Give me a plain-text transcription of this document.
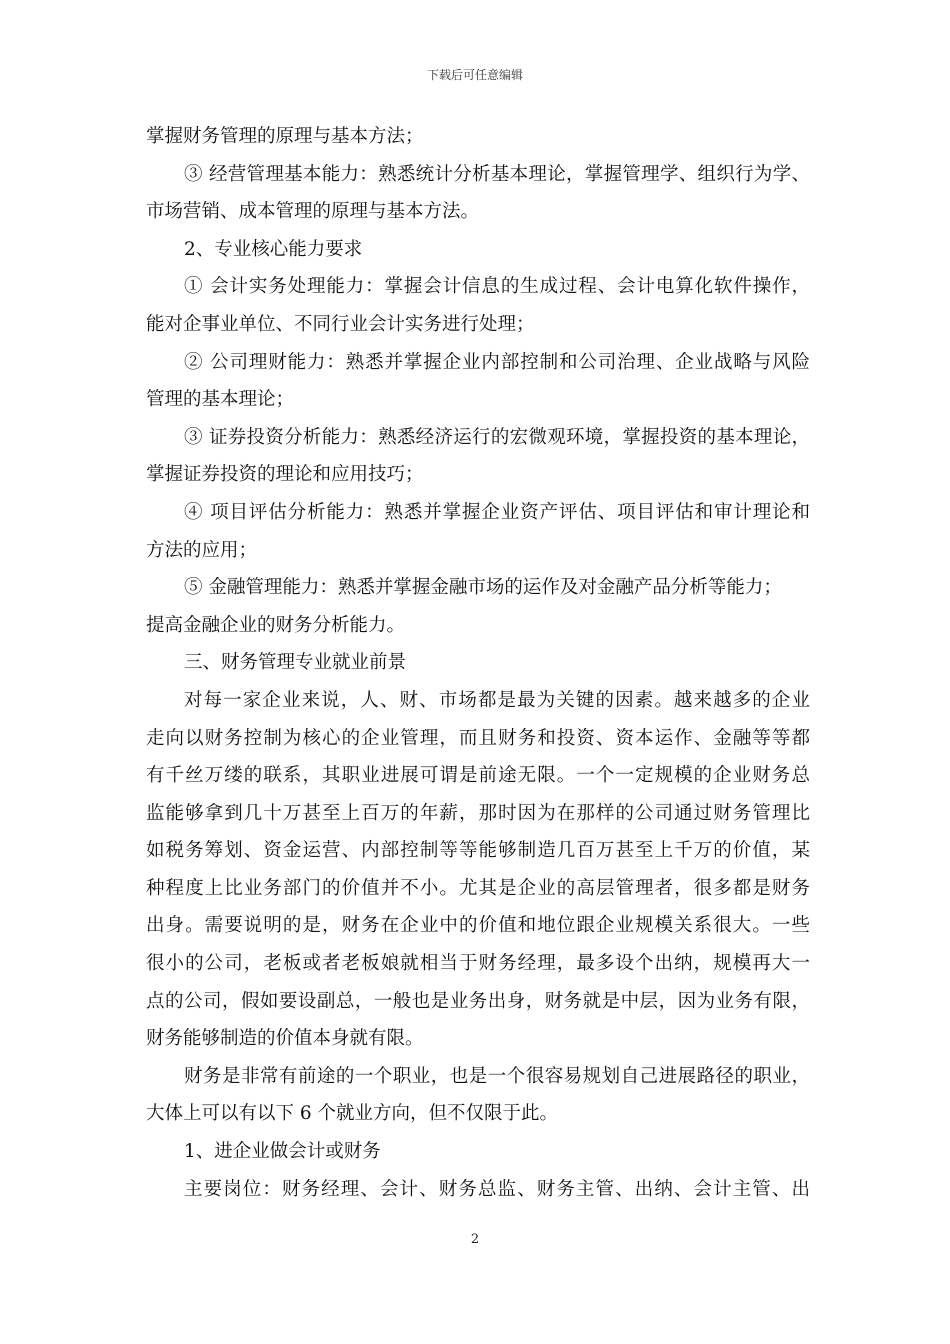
下载后可任意编辑
掌握财务管理的原理与基本方法；
③ 经营管理基本能力：熟悉统计分析基本理论，掌握管理学、组织行为学、
市场营销、成本管理的原理与基本方法。
2、专业核心能力要求
① 会计实务处理能力：掌握会计信息的生成过程、会计电算化软件操作，
能对企事业单位、不同行业会计实务进行处理；
② 公司理财能力：熟悉并掌握企业内部控制和公司治理、企业战略与风险
管理的基本理论；
③ 证券投资分析能力：熟悉经济运行的宏微观环境，掌握投资的基本理论，
掌握证券投资的理论和应用技巧；
④ 项目评估分析能力：熟悉并掌握企业资产评估、项目评估和审计理论和
方法的应用；
⑤ 金融管理能力：熟悉并掌握金融市场的运作及对金融产品分析等能力；
提高金融企业的财务分析能力。
三、财务管理专业就业前景
对每一家企业来说，人、财、市场都是最为关键的因素。越来越多的企业
走向以财务控制为核心的企业管理，而且财务和投资、资本运作、金融等等都
有千丝万缕的联系，其职业进展可谓是前途无限。一个一定规模的企业财务总
监能够拿到几十万甚至上百万的年薪，那时因为在那样的公司通过财务管理比
如税务筹划、资金运营、内部控制等等能够制造几百万甚至上千万的价值，某
种程度上比业务部门的价值并不小。尤其是企业的高层管理者，很多都是财务
出身。需要说明的是，财务在企业中的价值和地位跟企业规模关系很大。一些
很小的公司，老板或者老板娘就相当于财务经理，最多设个出纳，规模再大一
点的公司，假如要设副总，一般也是业务出身，财务就是中层，因为业务有限，
财务能够制造的价值本身就有限。
财务是非常有前途的一个职业，也是一个很容易规划自己进展路径的职业，
大体上可以有以下 6 个就业方向，但不仅限于此。
1、进企业做会计或财务
主要岗位：财务经理、会计、财务总监、财务主管、出纳、会计主管、出
2
